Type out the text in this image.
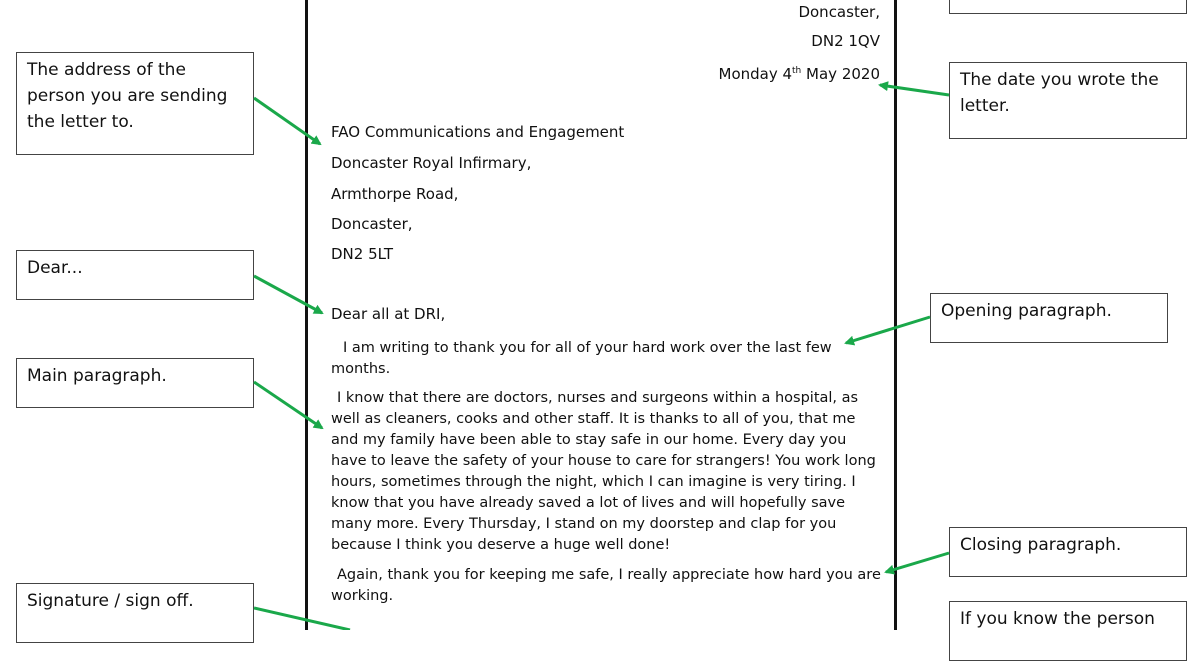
Doncaster,
DN2 1QV
Monday 4th May 2020
FAO Communications and Engagement
Doncaster Royal Infirmary,
Armthorpe Road,
Doncaster,
DN2 5LT
Dear all at DRI,
I am writing to thank you for all of your hard work over the last few months.
I know that there are doctors, nurses and surgeons within a hospital, as well as cleaners, cooks and other staff. It is thanks to all of you, that me and my family have been able to stay safe in our home. Every day you have to leave the safety of your house to care for strangers! You work long hours, sometimes through the night, which I can imagine is very tiring. I know that you have already saved a lot of lives and will hopefully save many more. Every Thursday, I stand on my doorstep and clap for you because I think you deserve a huge well done!
Again, thank you for keeping me safe, I really appreciate how hard you are working.
The address of the person you are sending the letter to.
Dear...
Main paragraph.
Signature / sign off.
The date you wrote the letter.
Opening paragraph.
Closing paragraph.
If you know the person
